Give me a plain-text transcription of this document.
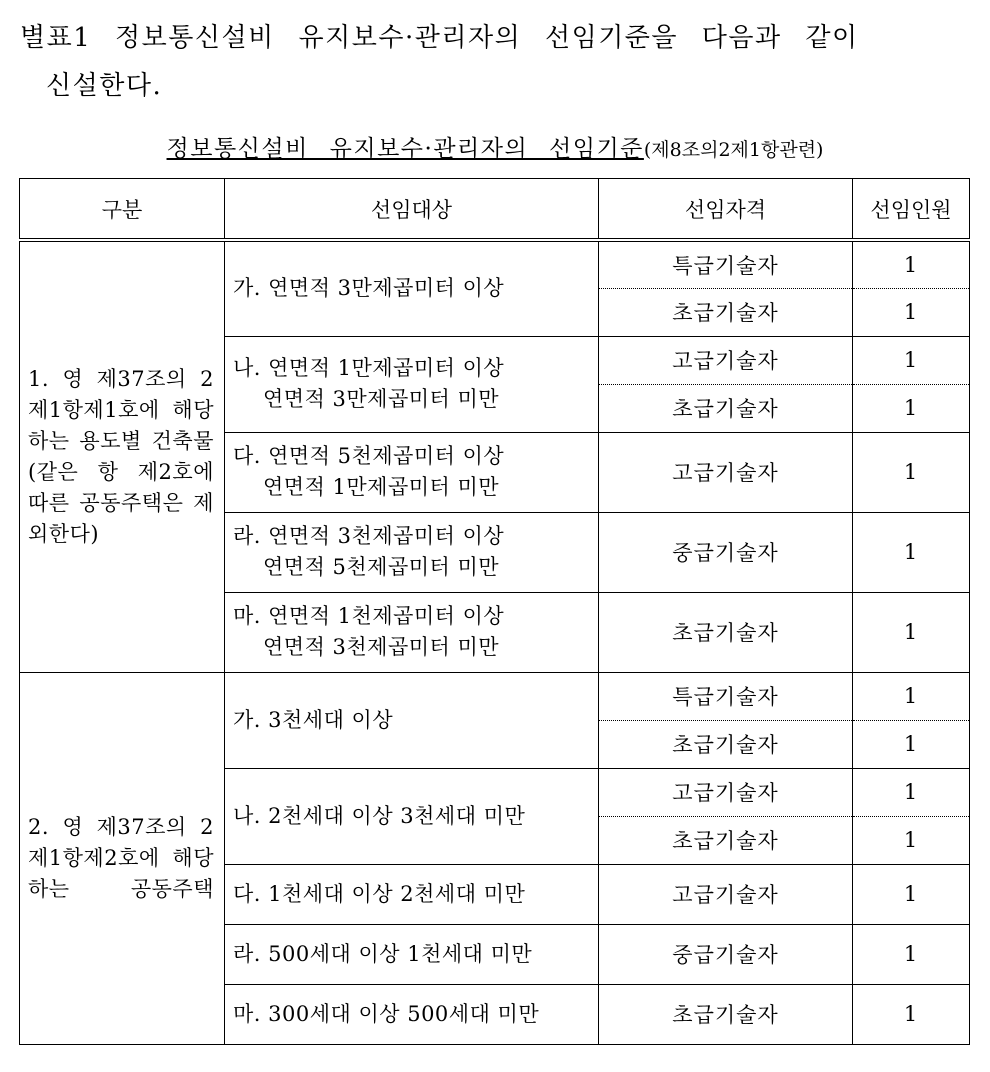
별표1 정보통신설비 유지보수·관리자의 선임기준을 다음과 같이
신설한다.
정보통신설비 유지보수·관리자의 선임기준(제8조의2제1항관련)
구분	선임대상	선임자격	선임인원

1. 영 제37조의 2제1항제1호에 해당하는 용도별 건축물(같은 항 제2호에 따른 공동주택은 제외한다)	가. 연면적 3만제곱미터 이상	특급기술자	1
		초급기술자	1
	나. 연면적 1만제곱미터 이상
연면적 3만제곱미터 미만	고급기술자	1
		초급기술자	1
	다. 연면적 5천제곱미터 이상
연면적 1만제곱미터 미만	고급기술자	1
	라. 연면적 3천제곱미터 이상
연면적 5천제곱미터 미만	중급기술자	1
	마. 연면적 1천제곱미터 이상
연면적 3천제곱미터 미만	초급기술자	1

2. 영 제37조의 2제1항제2호에 해당하는 공동주택	가. 3천세대 이상	특급기술자	1
		초급기술자	1
	나. 2천세대 이상 3천세대 미만	고급기술자	1
		초급기술자	1
	다. 1천세대 이상 2천세대 미만	고급기술자	1
	라. 500세대 이상 1천세대 미만	중급기술자	1
	마. 300세대 이상 500세대 미만	초급기술자	1
